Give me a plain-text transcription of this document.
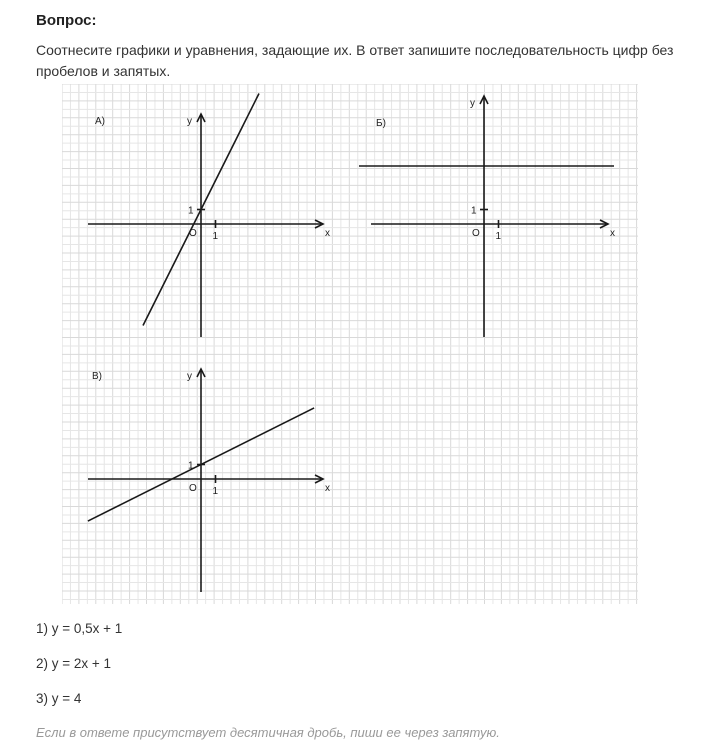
Вопрос:
Соотнесите графики и уравнения, задающие их. В ответ запишите последовательность цифр без пробелов и запятых.
А)
x
y
O 1
1
Б)
x
y
O 1
1
В)
x
y
O 1
1
1) y = 0,5x + 1
2) y = 2x + 1
3) y = 4
Если в ответе присутствует десятичная дробь, пиши ее через запятую.
